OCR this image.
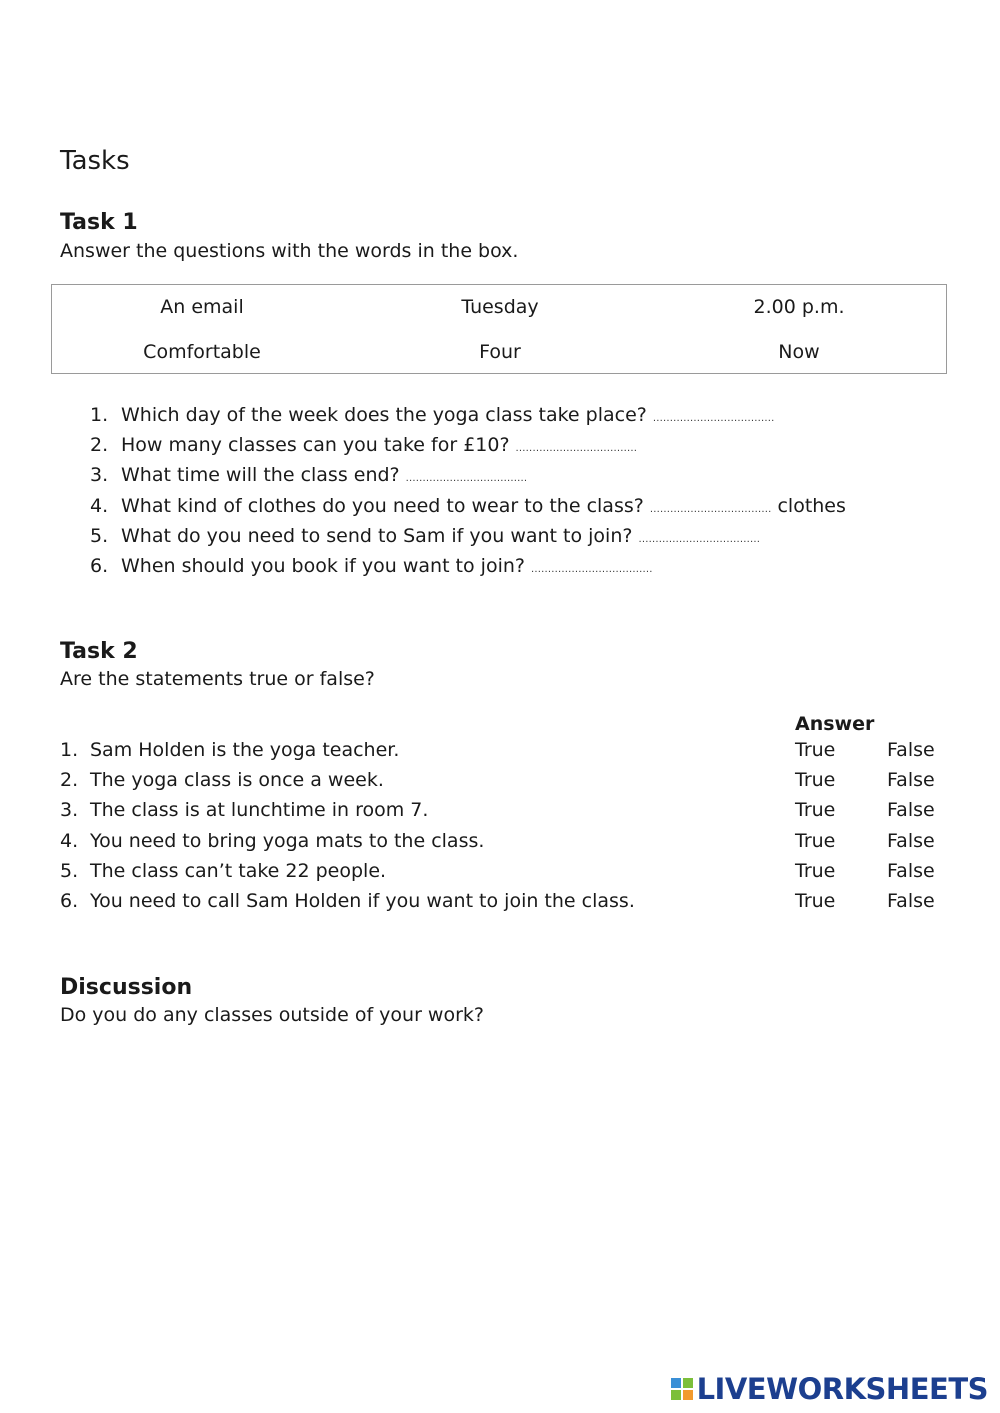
Tasks
Task 1

Answer the questions with the words in the box.

An email	Tuesday	2.00 p.m.
Comfortable	Four	Now
1. Which day of the week does the yoga class take place? ....................................
2. How many classes can you take for £10? ....................................
3. What time will the class end? ....................................
4. What kind of clothes do you need to wear to the class? .................................... clothes
5. What do you need to send to Sam if you want to join? ....................................
6. When should you book if you want to join? ....................................
Task 2

Are the statements true or false?

Answer
1. Sam Holden is the yoga teacher.	True	False
2. The yoga class is once a week.	True	False
3. The class is at lunchtime in room 7.	True	False
4. You need to bring yoga mats to the class.	True	False
5. The class can’t take 22 people.	True	False
6. You need to call Sam Holden if you want to join the class.	True	False
Discussion

Do you do any classes outside of your work?

LIVEWORKSHEETS
